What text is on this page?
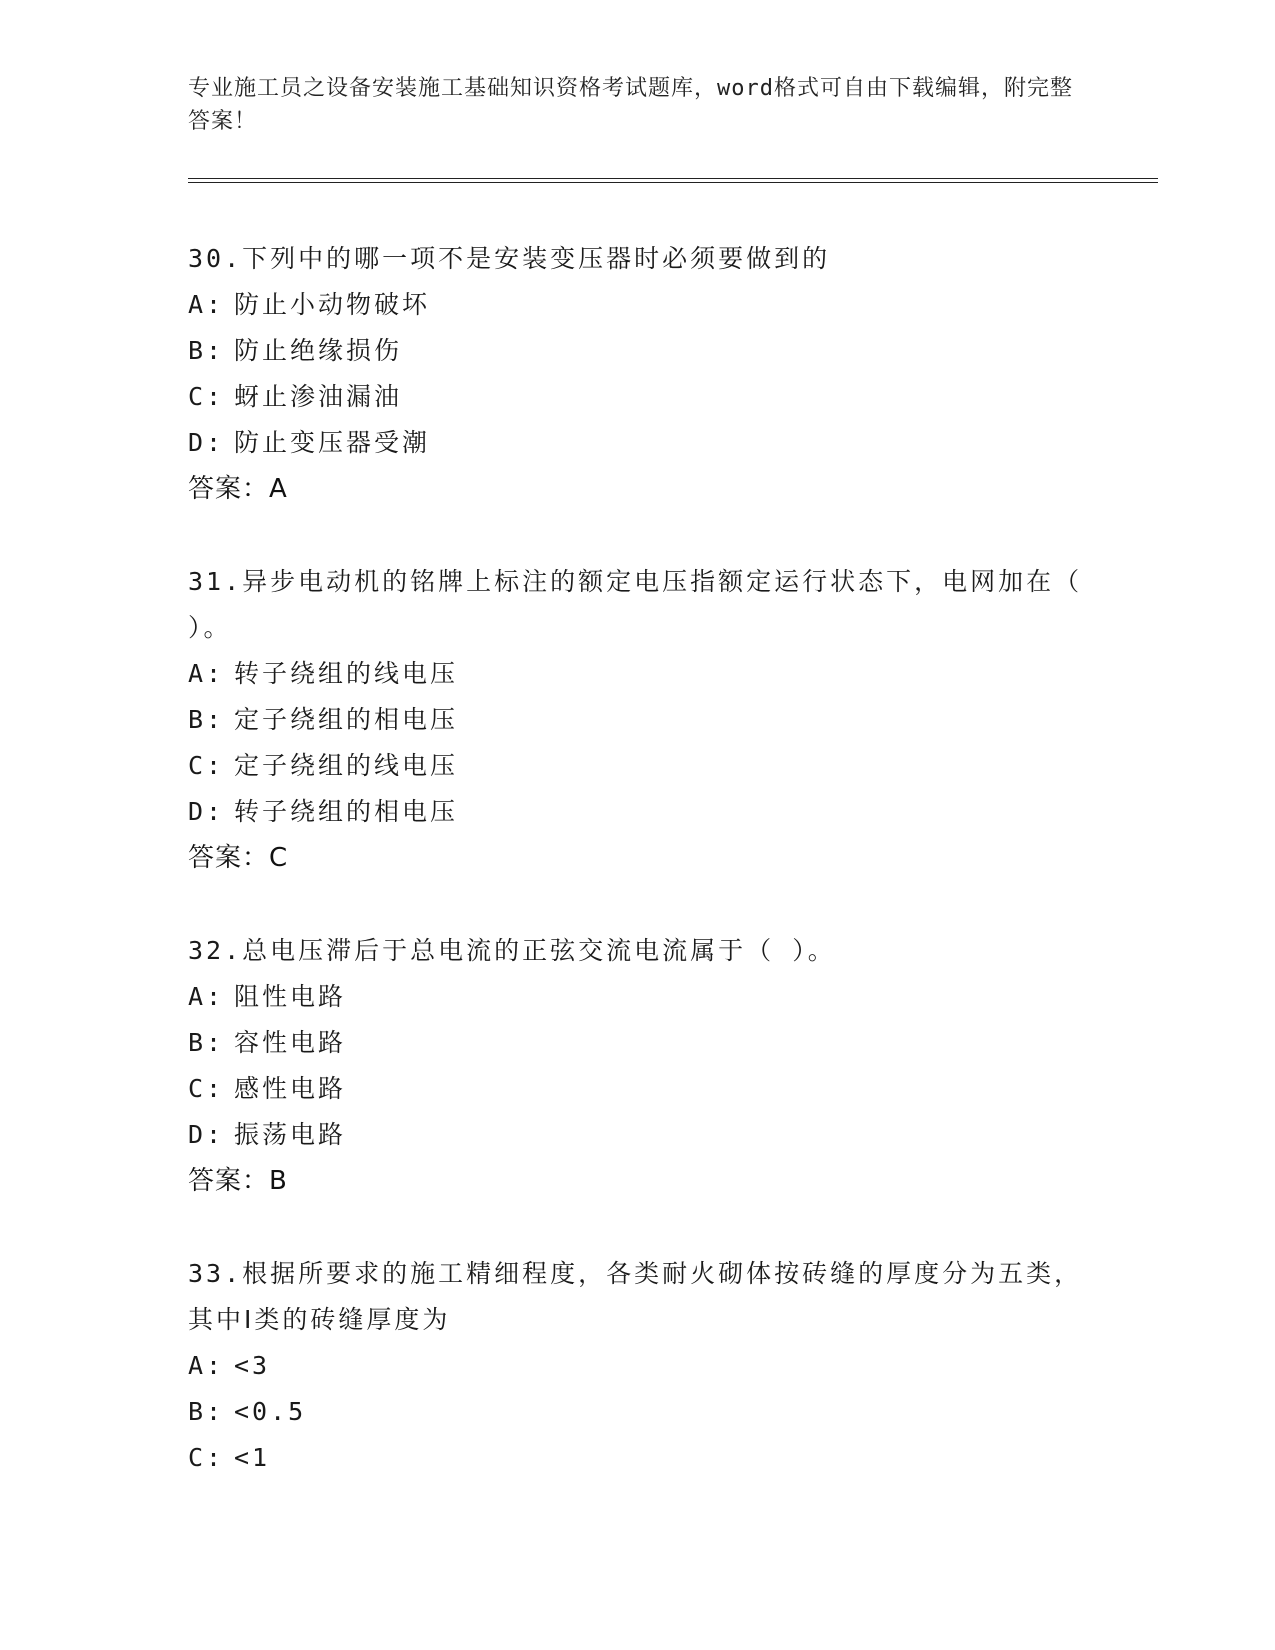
专业施工员之设备安装施工基础知识资格考试题库，word格式可自由下载编辑，附完整答案！

30.下列中的哪一项不是安装变压器时必须要做到的

A: 防止小动物破坏

B: 防止绝缘损伤

C: 蚜止渗油漏油

D: 防止变压器受潮

答案：A

31.异步电动机的铭牌上标注的额定电压指额定运行状态下，电网加在（ ）。

A: 转子绕组的线电压

B: 定子绕组的相电压

C: 定子绕组的线电压

D: 转子绕组的相电压

答案：C

32.总电压滞后于总电流的正弦交流电流属于（ ）。

A: 阻性电路

B: 容性电路

C: 感性电路

D: 振荡电路

答案：B

33.根据所要求的施工精细程度，各类耐火砌体按砖缝的厚度分为五类，其中Ⅰ类的砖缝厚度为

A: <3

B: <0.5

C: <1
